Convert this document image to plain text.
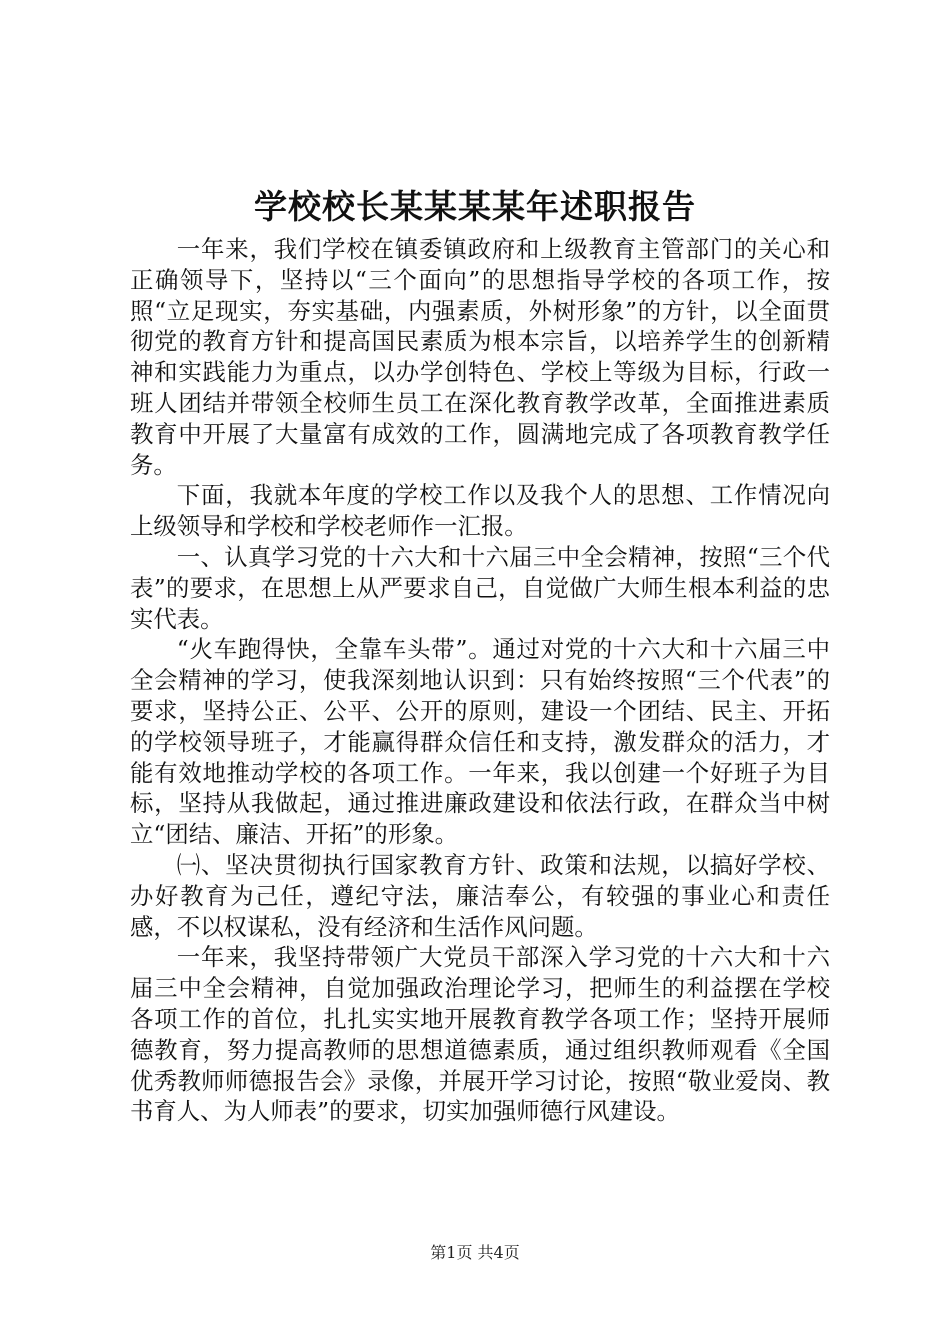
学校校长某某某某年述职报告

一年来，我们学校在镇委镇政府和上级教育主管部门的关心和正确领导下，坚持以“三个面向”的思想指导学校的各项工作，按照“立足现实，夯实基础，内强素质，外树形象”的方针，以全面贯彻党的教育方针和提高国民素质为根本宗旨，以培养学生的创新精神和实践能力为重点，以办学创特色、学校上等级为目标，行政一班人团结并带领全校师生员工在深化教育教学改革，全面推进素质教育中开展了大量富有成效的工作，圆满地完成了各项教育教学任务。

下面，我就本年度的学校工作以及我个人的思想、工作情况向上级领导和学校和学校老师作一汇报。

一、认真学习党的十六大和十六届三中全会精神，按照“三个代表”的要求，在思想上从严要求自己，自觉做广大师生根本利益的忠实代表。

“火车跑得快，全靠车头带”。通过对党的十六大和十六届三中全会精神的学习，使我深刻地认识到：只有始终按照“三个代表”的要求，坚持公正、公平、公开的原则，建设一个团结、民主、开拓的学校领导班子，才能赢得群众信任和支持，激发群众的活力，才能有效地推动学校的各项工作。一年来，我以创建一个好班子为目标，坚持从我做起，通过推进廉政建设和依法行政，在群众当中树立“团结、廉洁、开拓”的形象。

㈠、坚决贯彻执行国家教育方针、政策和法规，以搞好学校、办好教育为己任，遵纪守法，廉洁奉公，有较强的事业心和责任感，不以权谋私，没有经济和生活作风问题。

一年来，我坚持带领广大党员干部深入学习党的十六大和十六届三中全会精神，自觉加强政治理论学习，把师生的利益摆在学校各项工作的首位，扎扎实实地开展教育教学各项工作；坚持开展师德教育，努力提高教师的思想道德素质，通过组织教师观看《全国优秀教师师德报告会》录像，并展开学习讨论，按照“敬业爱岗、教书育人、为人师表”的要求，切实加强师德行风建设。

第1页 共4页
